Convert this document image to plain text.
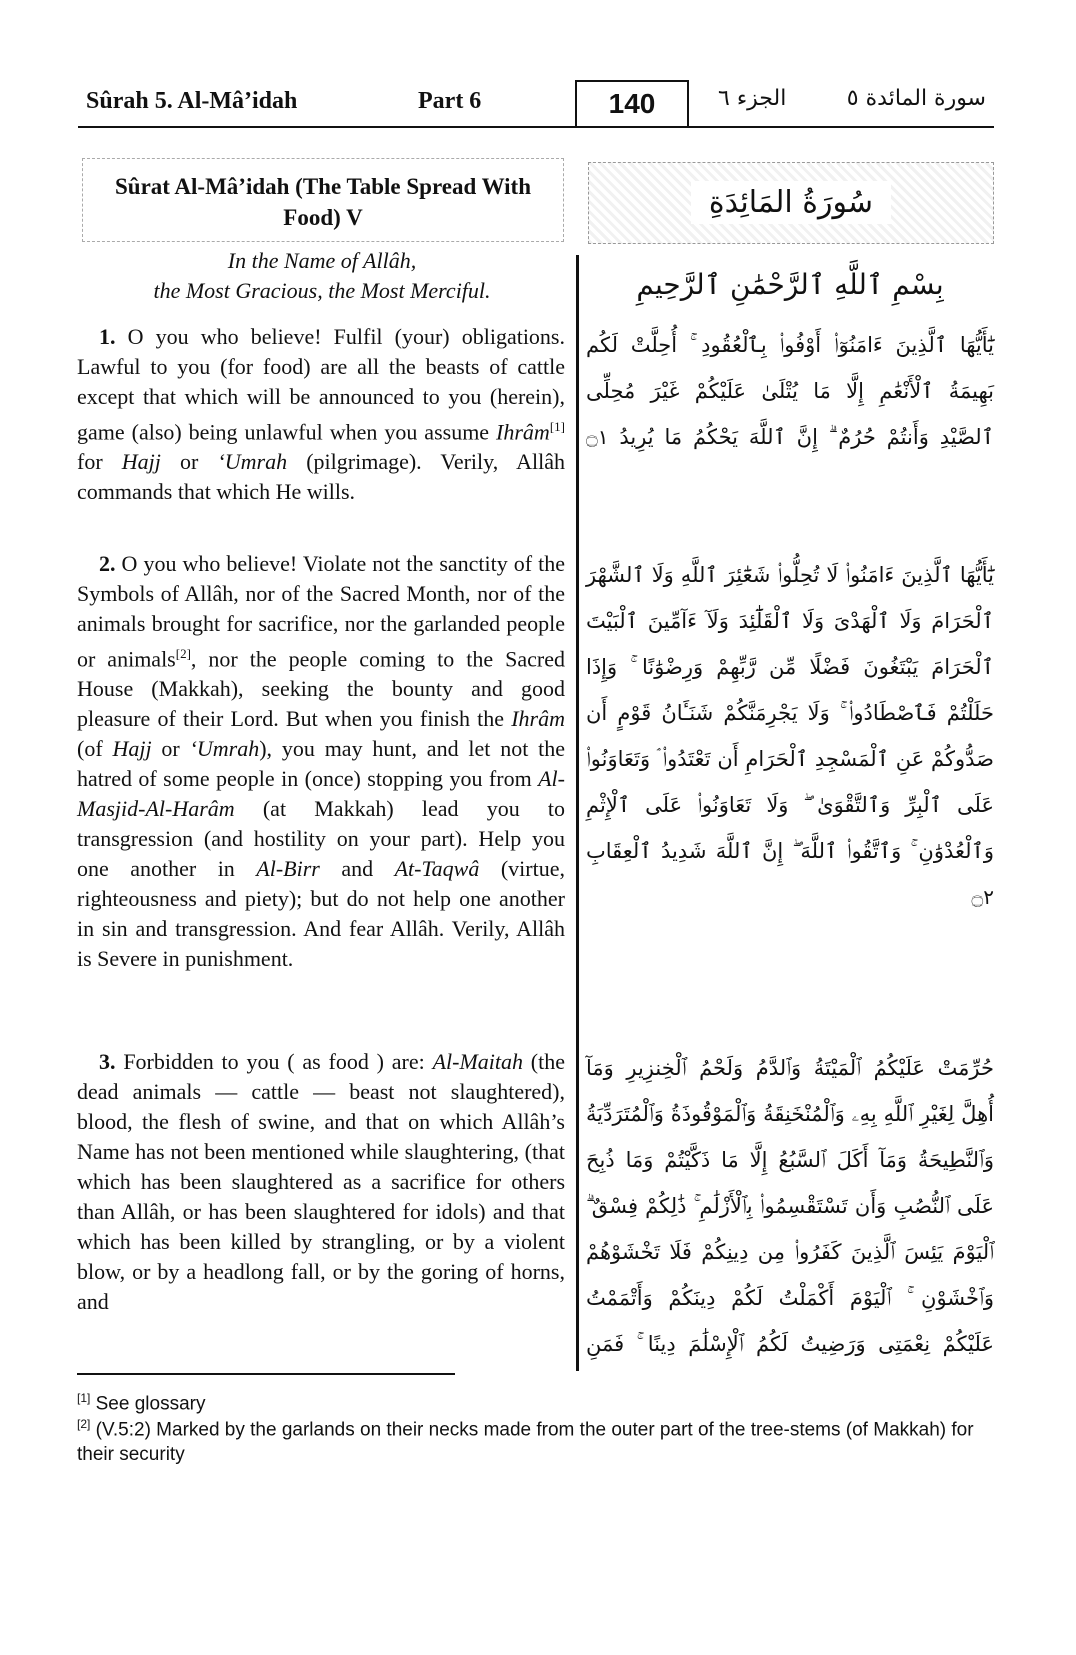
Sûrah 5. Al-Mâ’idah	Part 6	140	الجزء ٦	سورة المائدة ٥
Sûrat Al-Mâ’idah (The Table Spread With Food) V	سُورَةُ المَائِدَةِ
In the Name of Allâh,
the Most Gracious, the Most Merciful.	بِسْمِ ٱللَّهِ ٱلرَّحْمَٰنِ ٱلرَّحِيمِ
 1. O you who believe! Fulfil (your) obligations. Lawful to you (for food) are all the beasts of cattle except that which will be announced to you (herein), game (also) being unlawful when you assume Ihrâm[1] for Hajj or ‘Umrah (pilgrimage). Verily, Allâh commands that which He wills.
يَٰٓأَيُّهَا ٱلَّذِينَ ءَامَنُوٓا۟ أَوْفُوا۟ بِٱلْعُقُودِ ۚ أُحِلَّتْ لَكُم بَهِيمَةُ ٱلْأَنْعَٰمِ إِلَّا مَا يُتْلَىٰ عَلَيْكُمْ غَيْرَ مُحِلِّى ٱلصَّيْدِ وَأَنتُمْ حُرُمٌ ۗ إِنَّ ٱللَّهَ يَحْكُمُ مَا يُرِيدُ ۝١
 2. O you who believe! Violate not the sanctity of the Symbols of Allâh, nor of the Sacred Month, nor of the animals brought for sacrifice, nor the garlanded people or animals[2], nor the people coming to the Sacred House (Makkah), seeking the bounty and good pleasure of their Lord. But when you finish the Ihrâm (of Hajj or ‘Umrah), you may hunt, and let not the hatred of some people in (once) stopping you from Al-Masjid-Al-Harâm (at Makkah) lead you to transgression (and hostility on your part). Help you one another in Al-Birr and At-Taqwâ (virtue, righteousness and piety); but do not help one another in sin and transgression. And fear Allâh. Verily, Allâh is Severe in punishment.
يَٰٓأَيُّهَا ٱلَّذِينَ ءَامَنُوا۟ لَا تُحِلُّوا۟ شَعَٰٓئِرَ ٱللَّهِ وَلَا ٱلشَّهْرَ ٱلْحَرَامَ وَلَا ٱلْهَدْىَ وَلَا ٱلْقَلَٰٓئِدَ وَلَآ ءَآمِّينَ ٱلْبَيْتَ ٱلْحَرَامَ يَبْتَغُونَ فَضْلًا مِّن رَّبِّهِمْ وَرِضْوَٰنًا ۚ وَإِذَا حَلَلْتُمْ فَٱصْطَادُوا۟ ۚ وَلَا يَجْرِمَنَّكُمْ شَنَـَٔانُ قَوْمٍ أَن صَدُّوكُمْ عَنِ ٱلْمَسْجِدِ ٱلْحَرَامِ أَن تَعْتَدُوا۟ ۘ وَتَعَاوَنُوا۟ عَلَى ٱلْبِرِّ وَٱلتَّقْوَىٰ ۖ وَلَا تَعَاوَنُوا۟ عَلَى ٱلْإِثْمِ وَٱلْعُدْوَٰنِ ۚ وَٱتَّقُوا۟ ٱللَّهَ ۖ إِنَّ ٱللَّهَ شَدِيدُ ٱلْعِقَابِ ۝٢
 3. Forbidden to you ( as food ) are: Al-Maitah (the dead animals — cattle — beast not slaughtered), blood, the flesh of swine, and that on which Allâh’s Name has not been mentioned while slaughtering, (that which has been slaughtered as a sacrifice for others than Allâh, or has been slaughtered for idols) and that which has been killed by strangling, or by a violent blow, or by a headlong fall, or by the goring of horns, and
حُرِّمَتْ عَلَيْكُمُ ٱلْمَيْتَةُ وَٱلدَّمُ وَلَحْمُ ٱلْخِنزِيرِ وَمَآ أُهِلَّ لِغَيْرِ ٱللَّهِ بِهِۦ وَٱلْمُنْخَنِقَةُ وَٱلْمَوْقُوذَةُ وَٱلْمُتَرَدِّيَةُ وَٱلنَّطِيحَةُ وَمَآ أَكَلَ ٱلسَّبُعُ إِلَّا مَا ذَكَّيْتُمْ وَمَا ذُبِحَ عَلَى ٱلنُّصُبِ وَأَن تَسْتَقْسِمُوا۟ بِٱلْأَزْلَٰمِ ۚ ذَٰلِكُمْ فِسْقٌ ۗ ٱلْيَوْمَ يَئِسَ ٱلَّذِينَ كَفَرُوا۟ مِن دِينِكُمْ فَلَا تَخْشَوْهُمْ وَٱخْشَوْنِ ۚ ٱلْيَوْمَ أَكْمَلْتُ لَكُمْ دِينَكُمْ وَأَتْمَمْتُ عَلَيْكُمْ نِعْمَتِى وَرَضِيتُ لَكُمُ ٱلْإِسْلَٰمَ دِينًا ۚ فَمَنِ
[1] See glossary
[2] (V.5:2) Marked by the garlands on their necks made from the outer part of the tree-stems (of Makkah) for their security
